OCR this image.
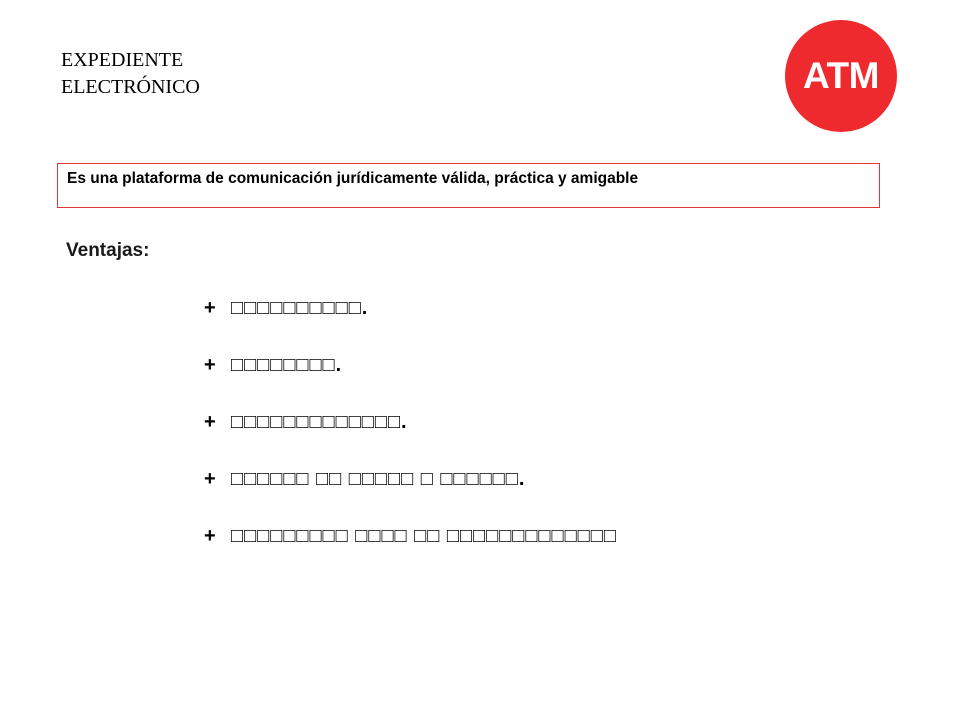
EXPEDIENTE
ELECTRÓNICO	ATM
Es una plataforma de comunicación jurídicamente válida, práctica y amigable
Ventajas:
+ □□□□□□□□□□.
+ □□□□□□□□.
+ □□□□□□□□□□□□□.
+ □□□□□□ □□ □□□□□ □ □□□□□□.
+ □□□□□□□□□ □□□□ □□ □□□□□□□□□□□□□
